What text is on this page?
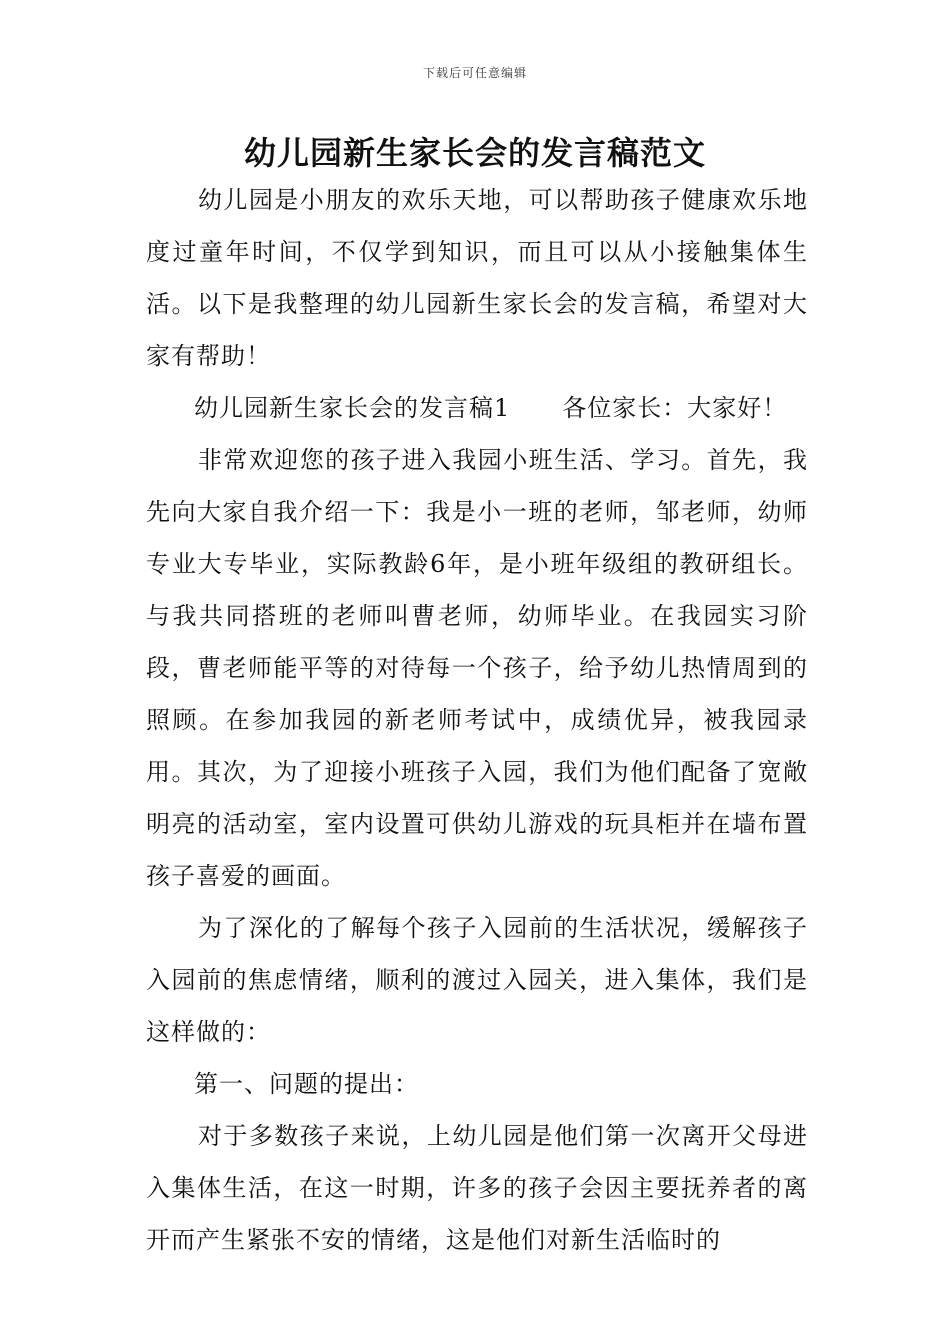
下载后可任意编辑
幼儿园新生家长会的发言稿范文

幼儿园是小朋友的欢乐天地，可以帮助孩子健康欢乐地度过童年时间，不仅学到知识，而且可以从小接触集体生活。以下是我整理的幼儿园新生家长会的发言稿，希望对大家有帮助！

幼儿园新生家长会的发言稿1 各位家长：大家好！

非常欢迎您的孩子进入我园小班生活、学习。首先，我先向大家自我介绍一下：我是小一班的老师，邹老师，幼师专业大专毕业，实际教龄6年，是小班年级组的教研组长。与我共同搭班的老师叫曹老师，幼师毕业。在我园实习阶段，曹老师能平等的对待每一个孩子，给予幼儿热情周到的照顾。在参加我园的新老师考试中，成绩优异，被我园录用。其次，为了迎接小班孩子入园，我们为他们配备了宽敞明亮的活动室，室内设置可供幼儿游戏的玩具柜并在墙布置孩子喜爱的画面。

为了深化的了解每个孩子入园前的生活状况，缓解孩子入园前的焦虑情绪，顺利的渡过入园关，进入集体，我们是这样做的：

第一、问题的提出：

对于多数孩子来说，上幼儿园是他们第一次离开父母进入集体生活，在这一时期，许多的孩子会因主要抚养者的离开而产生紧张不安的情绪，这是他们对新生活临时的
